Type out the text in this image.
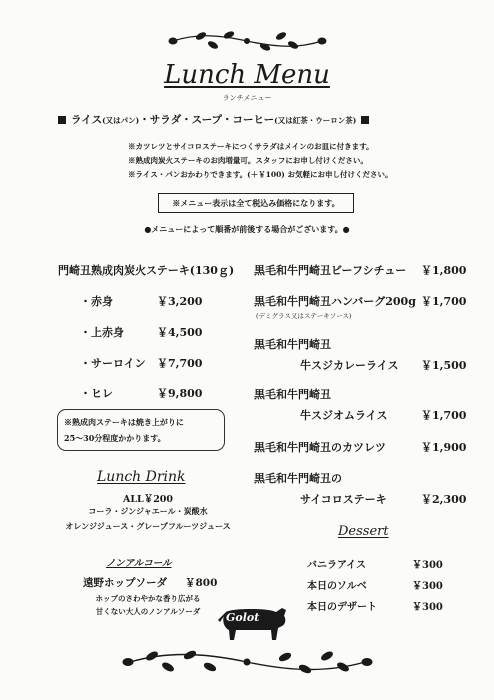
Lunch Menu
ランチメニュー
ライス(又はパン)・サラダ・スープ・コーヒー(又は紅茶・ウーロン茶)
※カツレツとサイコロステーキにつくサラダはメインのお皿に付きます。
※熟成肉炭火ステーキのお肉増量可。スタッフにお申し付けください。
※ライス・パンおかわりできます。(＋￥100) お気軽にお申し付けください。
※メニュー表示は全て税込み価格になります。
●メニューによって順番が前後する場合がございます。●
門崎丑熟成肉炭火ステーキ(130ｇ)
・赤身	￥3,200
・上赤身	￥4,500
・サーロイン ￥7,700
・ヒレ	￥9,800
※熟成肉ステーキは焼き上がりに
25～30分程度かかります。
黒毛和牛門崎丑ビーフシチュー ￥1,800
黒毛和牛門崎丑ハンバーグ200g ￥1,700
(デミグラス又はステーキソース)
黒毛和牛門崎丑
牛スジカレーライス ￥1,500
黒毛和牛門崎丑
牛スジオムライス	￥1,700
黒毛和牛門崎丑のカツレツ	￥1,900
黒毛和牛門崎丑の
サイコロステーキ	￥2,300
Lunch Drink
ALL￥200
コーラ・ジンジャエール・炭酸水
オレンジジュース・グレープフルーツジュース
ノンアルコール
遠野ホップソーダ ￥800
ホップのさわやかな香り広がる
甘くない大人のノンアルソーダ
Dessert
バニラアイス	￥300
本日のソルベ	￥300
本日のデザート	￥300
Golot
